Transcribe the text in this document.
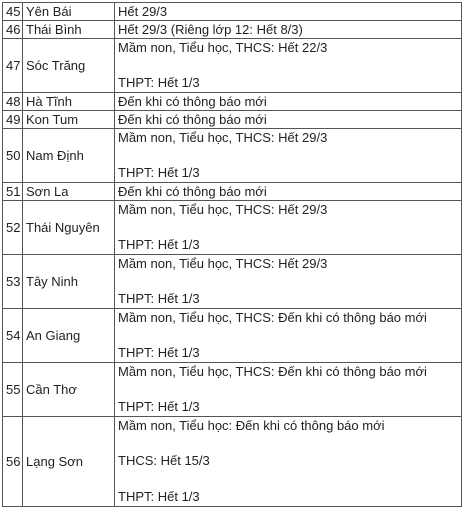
45	Yên Bái	Hết 29/3

46	Thái Bình	Hết 29/3 (Riêng lớp 12: Hết 8/3)

47	Sóc Trăng	Mầm non, Tiểu học, THCS: Hết 22/3
THPT: Hết 1/3

48	Hà Tĩnh	Đến khi có thông báo mới

49	Kon Tum	Đến khi có thông báo mới

50	Nam Định	Mầm non, Tiểu học, THCS: Hết 29/3
THPT: Hết 1/3

51	Sơn La	Đến khi có thông báo mới

52	Thái Nguyên	Mầm non, Tiểu học, THCS: Hết 29/3
THPT: Hết 1/3

53	Tây Ninh	Mầm non, Tiểu học, THCS: Hết 29/3
THPT: Hết 1/3

54	An Giang	Mầm non, Tiểu học, THCS: Đến khi có thông báo mới
THPT: Hết 1/3

55	Cần Thơ	Mầm non, Tiểu học, THCS: Đến khi có thông báo mới
THPT: Hết 1/3

56	Lạng Sơn	Mầm non, Tiểu học: Đến khi có thông báo mới
THCS: Hết 15/3
THPT: Hết 1/3
